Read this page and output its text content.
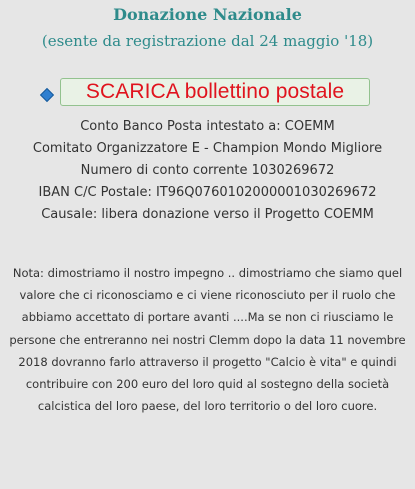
Donazione Nazionale
(esente da registrazione dal 24 maggio '18)
SCARICA bollettino postale
Conto Banco Posta intestato a: COEMM
Comitato Organizzatore E - Champion Mondo Migliore
Numero di conto corrente 1030269672
IBAN C/C Postale: IT96Q0760102000001030269672
Causale: libera donazione verso il Progetto COEMM
Nota: dimostriamo il nostro impegno .. dimostriamo che siamo quel valore che ci riconosciamo e ci viene riconosciuto per il ruolo che abbiamo accettato di portare avanti ....Ma se non ci riusciamo le persone che entreranno nei nostri Clemm dopo la data 11 novembre 2018 dovranno farlo attraverso il progetto "Calcio è vita" e quindi contribuire con 200 euro del loro quid al sostegno della società calcistica del loro paese, del loro territorio o del loro cuore.
